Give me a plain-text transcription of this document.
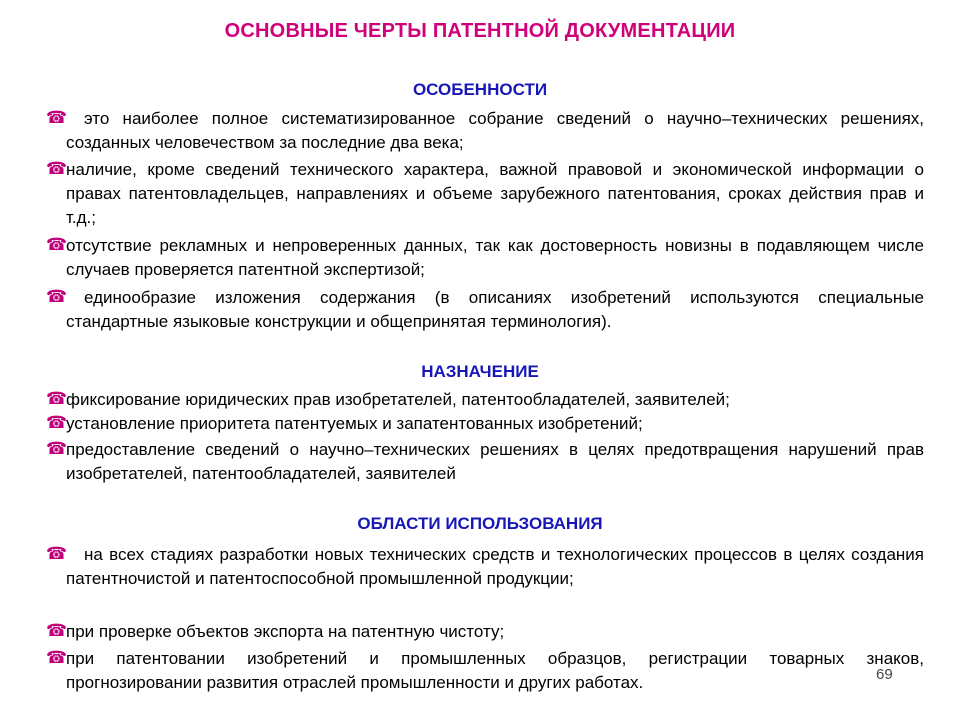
ОСНОВНЫЕ ЧЕРТЫ ПАТЕНТНОЙ ДОКУМЕНТАЦИИ
ОСОБЕННОСТИ
☎ это наиболее полное систематизированное собрание сведений о научно–технических решениях, созданных человечеством за последние два века;
☎
наличие, кроме сведений технического характера, важной правовой и экономической информации о правах патентовладельцев, направлениях и объеме зарубежного патентования, сроках действия прав и т.д.;
☎
отсутствие рекламных и непроверенных данных, так как достоверность новизны в подавляющем числе случаев проверяется патентной экспертизой;
☎ единообразие изложения содержания (в описаниях изобретений используются специальные стандартные языковые конструкции и общепринятая терминология).
НАЗНАЧЕНИЕ
☎
фиксирование юридических прав изобретателей, патентообладателей, заявителей;
☎
установление приоритета патентуемых и запатентованных изобретений;
☎
предоставление сведений о научно–технических решениях в целях предотвращения нарушений прав изобретателей, патентообладателей, заявителей
ОБЛАСТИ ИСПОЛЬЗОВАНИЯ
☎ на всех стадиях разработки новых технических средств и технологических процессов в целях создания патентночистой и патентоспособной промышленной продукции;
☎
при проверке объектов экспорта на патентную чистоту;
☎
при патентовании изобретений и промышленных образцов, регистрации товарных знаков, прогнозировании развития отраслей промышленности и других работах.	69
